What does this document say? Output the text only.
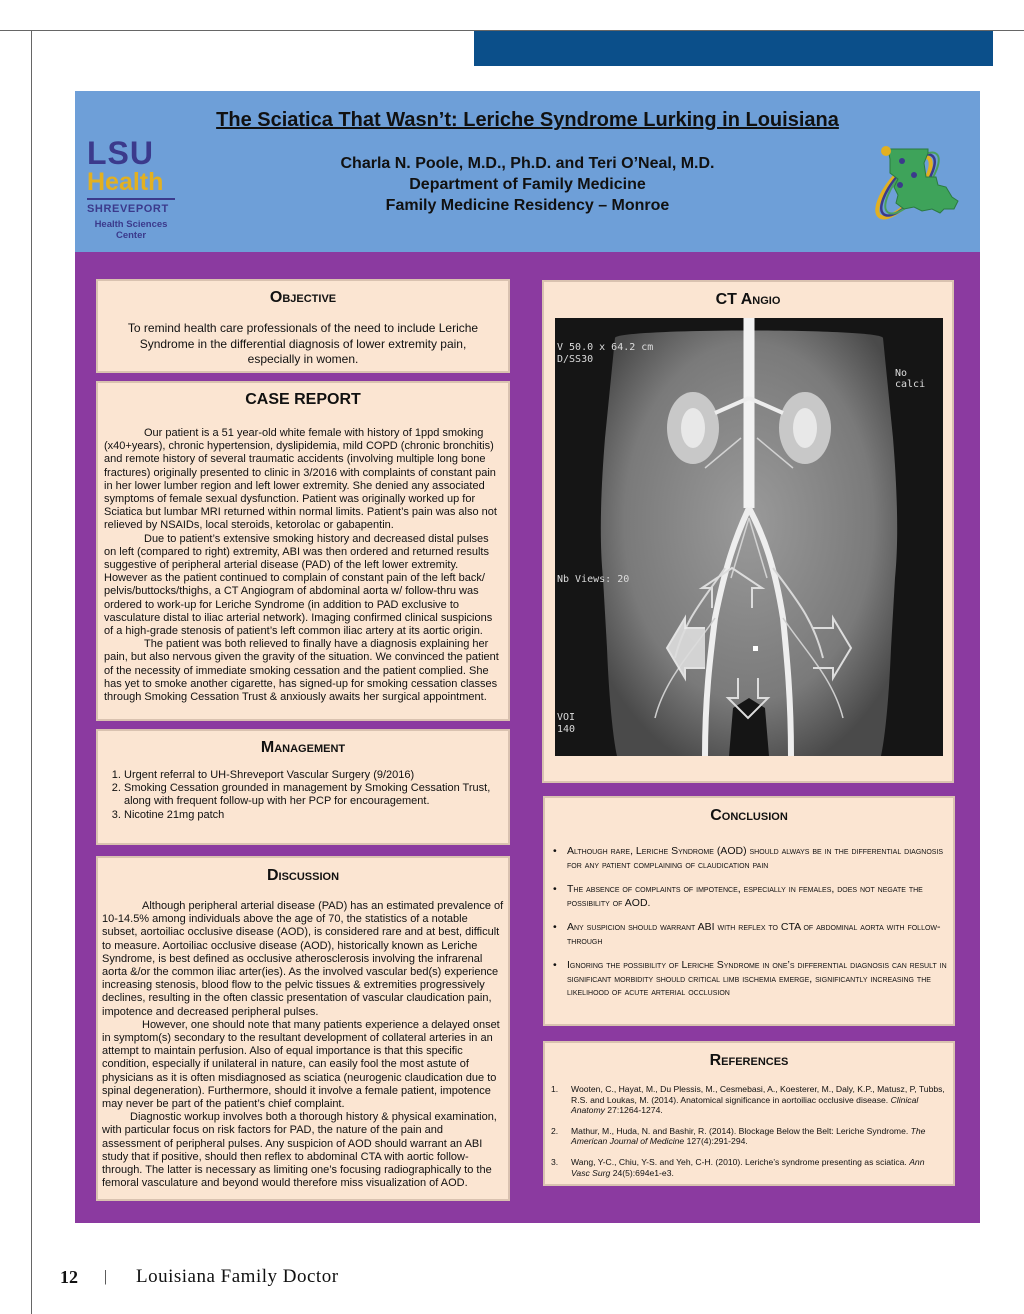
The Sciatica That Wasn’t: Leriche Syndrome Lurking in Louisiana
Charla N. Poole, M.D., Ph.D. and Teri O’Neal, M.D.
Department of Family Medicine
Family Medicine Residency – Monroe
LSU
Health
SHREVEPORT
Health Sciences Center
Objective
To remind health care professionals of the need to include Leriche Syndrome in the differential diagnosis of lower extremity pain, especially in women.
CASE REPORT
Our patient is a 51 year-old white female with history of 1ppd smoking (x40+years), chronic hypertension, dyslipidemia, mild COPD (chronic bronchitis) and remote history of several traumatic accidents (involving multiple long bone fractures) originally presented to clinic in 3/2016 with complaints of constant pain in her lower lumber region and left lower extremity. She denied any associated symptoms of female sexual dysfunction. Patient was originally worked up for Sciatica but lumbar MRI returned within normal limits. Patient’s pain was also not relieved by NSAIDs, local steroids, ketorolac or gabapentin.
Due to patient’s extensive smoking history and decreased distal pulses on left (compared to right) extremity, ABI was then ordered and returned results suggestive of peripheral arterial disease (PAD) of the left lower extremity. However as the patient continued to complain of constant pain of the left back/ pelvis/buttocks/thighs, a CT Angiogram of abdominal aorta w/ follow-thru was ordered to work-up for Leriche Syndrome (in addition to PAD exclusive to vasculature distal to iliac arterial network). Imaging confirmed clinical suspicions of a high-grade stenosis of patient’s left common iliac artery at its aortic origin.
The patient was both relieved to finally have a diagnosis explaining her pain, but also nervous given the gravity of the situation. We convinced the patient of the necessity of immediate smoking cessation and the patient complied. She has yet to smoke another cigarette, has signed-up for smoking cessation classes through Smoking Cessation Trust & anxiously awaits her surgical appointment.
Management
1. Urgent referral to UH-Shreveport Vascular Surgery (9/2016)
2. Smoking Cessation grounded in management by Smoking Cessation Trust, along with frequent follow-up with her PCP for encouragement.
3. Nicotine 21mg patch
Discussion
Although peripheral arterial disease (PAD) has an estimated prevalence of 10-14.5% among individuals above the age of 70, the statistics of a notable subset, aortoiliac occlusive disease (AOD), is considered rare and at best, difficult to measure. Aortoiliac occlusive disease (AOD), historically known as Leriche Syndrome, is best defined as occlusive atherosclerosis involving the infrarenal aorta &/or the common iliac arter(ies). As the involved vascular bed(s) experience increasing stenosis, blood flow to the pelvic tissues & extremities progressively declines, resulting in the often classic presentation of vascular claudication pain, impotence and decreased peripheral pulses.
However, one should note that many patients experience a delayed onset in symptom(s) secondary to the resultant development of collateral arteries in an attempt to maintain perfusion. Also of equal importance is that this specific condition, especially if unilateral in nature, can easily fool the most astute of physicians as it is often misdiagnosed as sciatica (neurogenic claudication due to spinal degeneration). Furthermore, should it involve a female patient, impotence may never be part of the patient’s chief complaint.
Diagnostic workup involves both a thorough history & physical examination, with particular focus on risk factors for PAD, the nature of the pain and assessment of peripheral pulses. Any suspicion of AOD should warrant an ABI study that if positive, should then reflex to abdominal CTA with aortic follow-through. The latter is necessary as limiting one’s focusing radiographically to the femoral vasculature and beyond would therefore miss visualization of AOD.
CT Angio
V 50.0 x 64.2 cm
D/SS30
No calci
Nb Views: 20
VOI
140
Conclusion
• Although rare, Leriche Syndrome (AOD) should always be in the differential diagnosis for any patient complaining of claudication pain
• The absence of complaints of impotence, especially in females, does not negate the possibility of AOD.
• Any suspicion should warrant ABI with reflex to CTA of abdominal aorta with follow-through
• Ignoring the possibility of Leriche Syndrome in one’s differential diagnosis can result in significant morbidity should critical limb ischemia emerge, significantly increasing the likelihood of acute arterial occlusion
References
1. Wooten, C., Hayat, M., Du Plessis, M., Cesmebasi, A., Koesterer, M., Daly, K.P., Matusz, P, Tubbs, R.S. and Loukas, M. (2014). Anatomical significance in aortoiliac occlusive disease. Clinical Anatomy 27:1264-1274.
2. Mathur, M., Huda, N. and Bashir, R. (2014). Blockage Below the Belt: Leriche Syndrome. The American Journal of Medicine 127(4):291-294.
3. Wang, Y-C., Chiu, Y-S. and Yeh, C-H. (2010). Leriche’s syndrome presenting as sciatica. Ann Vasc Surg 24(5):694e1-e3.
12 | Louisiana Family Doctor
